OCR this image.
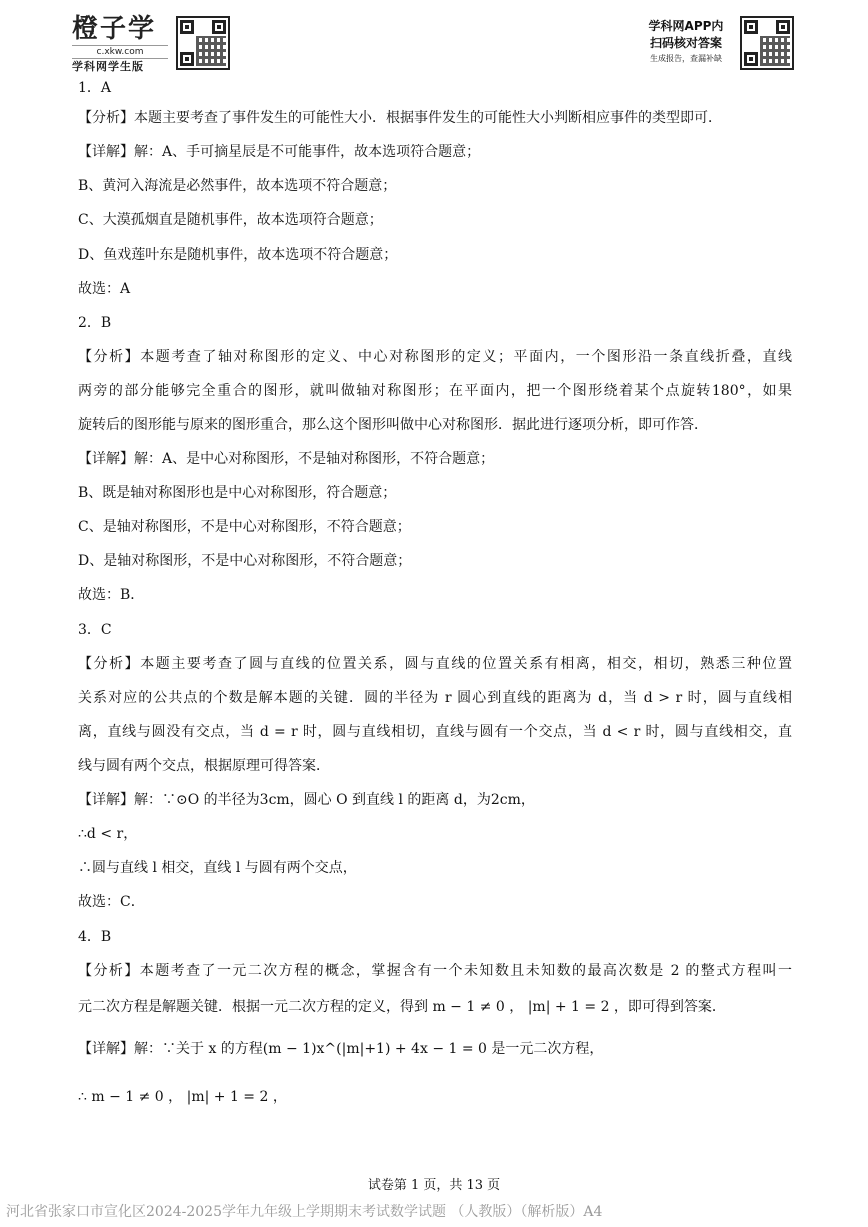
橙子学
c.xkw.com
学科网学生版
学科网APP内
扫码核对答案
生成报告，查漏补缺
1．A
【分析】本题主要考查了事件发生的可能性大小．根据事件发生的可能性大小判断相应事件的类型即可．
【详解】解：A、手可摘星辰是不可能事件，故本选项符合题意；
B、黄河入海流是必然事件，故本选项不符合题意；
C、大漠孤烟直是随机事件，故本选项符合题意；
D、鱼戏莲叶东是随机事件，故本选项不符合题意；
故选：A
2．B
【分析】本题考查了轴对称图形的定义、中心对称图形的定义；平面内，一个图形沿一条直线折叠，直线
两旁的部分能够完全重合的图形，就叫做轴对称图形；在平面内，把一个图形绕着某个点旋转180°，如果
旋转后的图形能与原来的图形重合，那么这个图形叫做中心对称图形．据此进行逐项分析，即可作答．
【详解】解：A、是中心对称图形，不是轴对称图形，不符合题意；
B、既是轴对称图形也是中心对称图形，符合题意；
C、是轴对称图形，不是中心对称图形，不符合题意；
D、是轴对称图形，不是中心对称图形，不符合题意；
故选：B．
3．C
【分析】本题主要考查了圆与直线的位置关系，圆与直线的位置关系有相离，相交，相切，熟悉三种位置
关系对应的公共点的个数是解本题的关键．圆的半径为 r 圆心到直线的距离为 d，当 d > r 时，圆与直线相
离，直线与圆没有交点，当 d = r 时，圆与直线相切，直线与圆有一个交点，当 d < r 时，圆与直线相交，直
线与圆有两个交点，根据原理可得答案．
【详解】解：∵⊙O 的半径为3cm，圆心 O 到直线 l 的距离 d，为2cm，
∴d < r，
∴圆与直线 l 相交，直线 l 与圆有两个交点，
故选：C．
4．B
【分析】本题考查了一元二次方程的概念，掌握含有一个未知数且未知数的最高次数是 2 的整式方程叫一
元二次方程是解题关键．根据一元二次方程的定义，得到 m − 1 ≠ 0 ， |m| + 1 = 2 ，即可得到答案．
【详解】解：∵关于 x 的方程(m − 1)x^(|m|+1) + 4x − 1 = 0 是一元二次方程，
∴ m − 1 ≠ 0 ， |m| + 1 = 2 ，
试卷第 1 页，共 13 页
河北省张家口市宣化区2024-2025学年九年级上学期期末考试数学试题 （人教版）（解析版）A4
